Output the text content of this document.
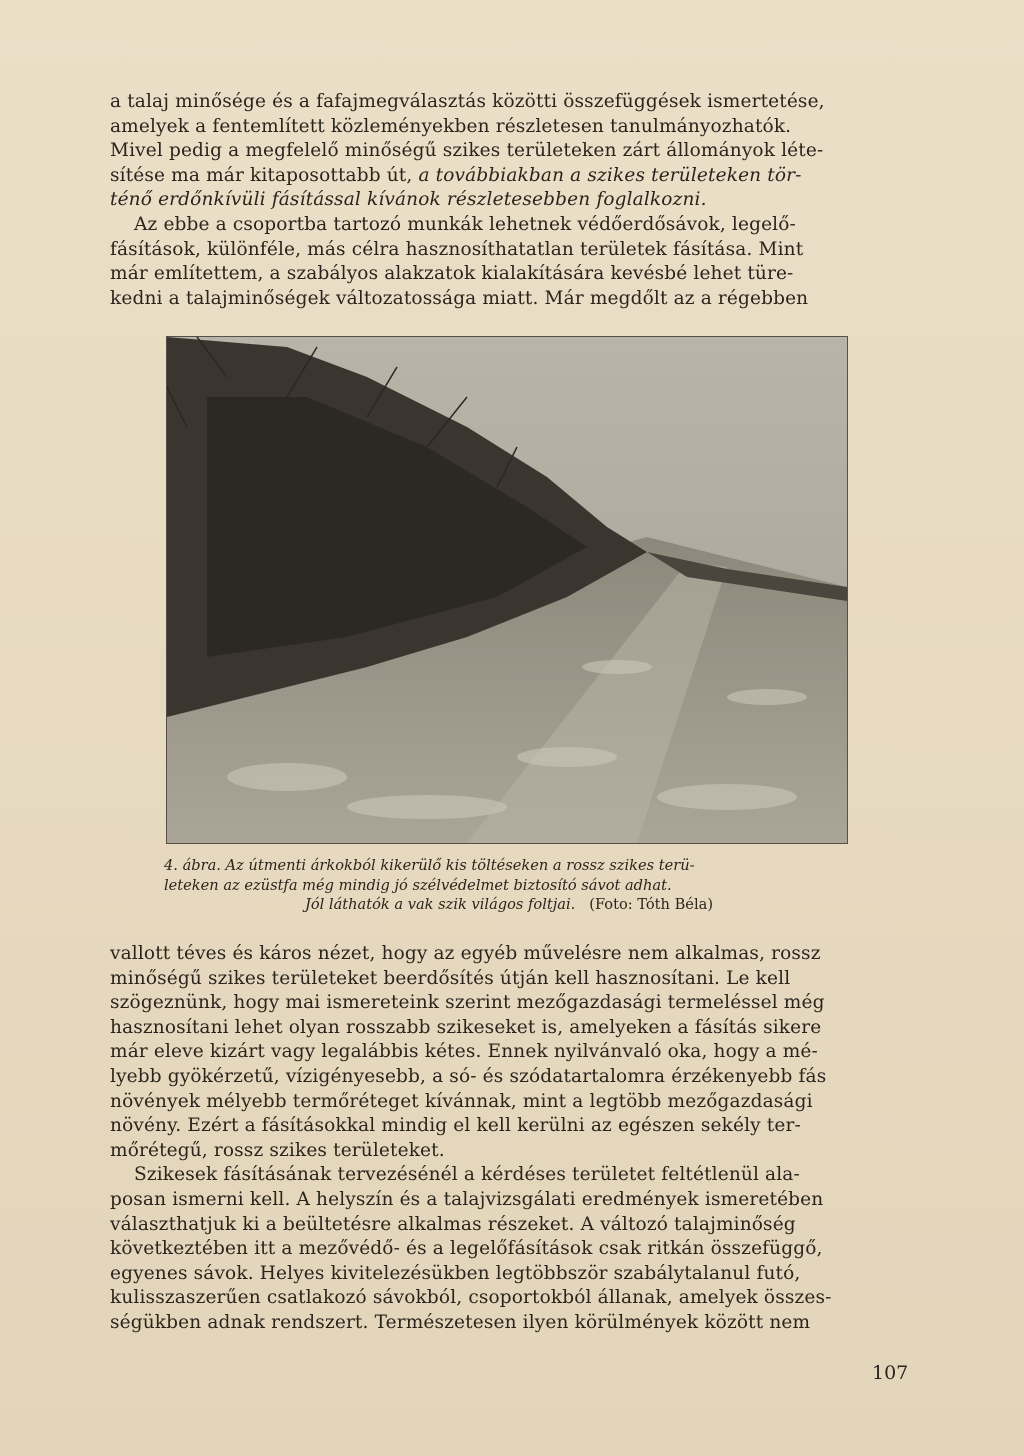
a talaj minősége és a fafajmegválasztás közötti összefüggések ismertetése,

amelyek a fentemlített közleményekben részletesen tanulmányozhatók.

Mivel pedig a megfelelő minőségű szikes területeken zárt állományok léte-

sítése ma már kitaposottabb út, a továbbiakban a szikes területeken tör-

ténő erdőnkívüli fásítással kívánok részletesebben foglalkozni.

Az ebbe a csoportba tartozó munkák lehetnek védőerdősávok, legelő-

fásítások, különféle, más célra hasznosíthatatlan területek fásítása. Mint

már említettem, a szabályos alakzatok kialakítására kevésbé lehet türe-

kedni a talajminőségek változatossága miatt. Már megdőlt az a régebben

4. ábra. Az útmenti árkokból kikerülő kis töltéseken a rossz szikes terü-
leteken az ezüstfa még mindig jó szélvédelmet biztosító sávot adhat.
Jól láthatók a vak szik világos foltjai. (Foto: Tóth Béla)

vallott téves és káros nézet, hogy az egyéb művelésre nem alkalmas, rossz

minőségű szikes területeket beerdősítés útján kell hasznosítani. Le kell

szögeznünk, hogy mai ismereteink szerint mezőgazdasági termeléssel még

hasznosítani lehet olyan rosszabb szikeseket is, amelyeken a fásítás sikere

már eleve kizárt vagy legalábbis kétes. Ennek nyilvánvaló oka, hogy a mé-

lyebb gyökérzetű, vízigényesebb, a só- és szódatartalomra érzékenyebb fás

növények mélyebb termőréteget kívánnak, mint a legtöbb mezőgazdasági

növény. Ezért a fásításokkal mindig el kell kerülni az egészen sekély ter-

mőrétegű, rossz szikes területeket.

Szikesek fásításának tervezésénél a kérdéses területet feltétlenül ala-

posan ismerni kell. A helyszín és a talajvizsgálati eredmények ismeretében

választhatjuk ki a beültetésre alkalmas részeket. A változó talajminőség

következtében itt a mezővédő- és a legelőfásítások csak ritkán összefüggő,

egyenes sávok. Helyes kivitelezésükben legtöbbször szabálytalanul futó,

kulisszaszerűen csatlakozó sávokból, csoportokból állanak, amelyek összes-

ségükben adnak rendszert. Természetesen ilyen körülmények között nem

107
